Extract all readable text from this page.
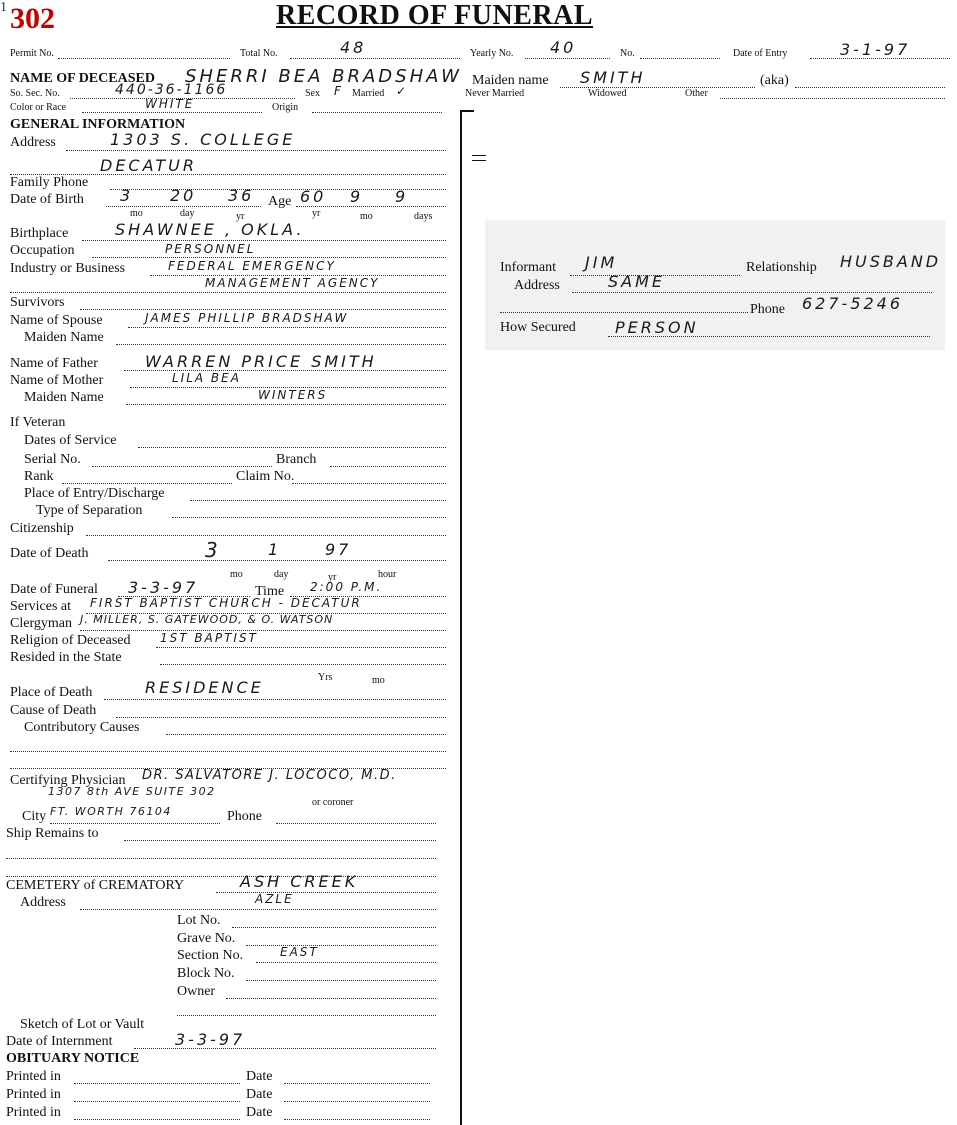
1 302	RECORD OF FUNERAL
Permit No.	Total No.	48	Yearly No. 40	No.	Date of Entry	3-1-97
NAME OF DECEASED SHERRI BEA BRADSHAW Maiden name SMITH	(aka)
So. Sec. No.	440-36-1166	Sex F Married ✓	Never Married	Widowed	Other
Color or Race	WHITE	Origin
GENERAL INFORMATION
Address	1303 S. COLLEGE
DECATUR
Family Phone
Date of Birth 3 20 36 Age 60 9 9
mo	day	yr	yr	mo	days
Birthplace	SHAWNEE , OKLA.
Occupation	PERSONNEL
Industry or Business	FEDERAL EMERGENCY
MANAGEMENT AGENCY
Survivors
Name of Spouse	JAMES PHILLIP BRADSHAW
Maiden Name
Name of Father	WARREN PRICE SMITH
Name of Mother	LILA BEA
Maiden Name	WINTERS
If Veteran
Dates of Service
Serial No.	Branch
Rank	Claim No.
Place of Entry/Discharge
Type of Separation
Citizenship
Date of Death	3	1	97
mo	day	yr	hour
Date of Funeral 3-3-97	Time 2:00 P.M.
Services at FIRST BAPTIST CHURCH - DECATUR
Clergyman J. MILLER, S. GATEWOOD, & O. WATSON
Religion of Deceased 1ST BAPTIST
Resided in the State
Yrs	mo
Place of Death	RESIDENCE
Cause of Death
Contributory Causes
Certifying Physician DR. SALVATORE J. LOCOCO, M.D.
1307 8th AVE SUITE 302
or coroner
City FT. WORTH 76104	Phone
Ship Remains to
CEMETERY of CREMATORY	ASH CREEK
Address	AZLE
Lot No.
Grave No.
Section No.	EAST
Block No.
Owner
Sketch of Lot or Vault
Date of Internment	3-3-97
OBITUARY NOTICE
Printed in	Date
Printed in	Date
Printed in	Date
Informant JIM	Relationship HUSBAND
Address	SAME
Phone 627-5246
How Secured PERSON
